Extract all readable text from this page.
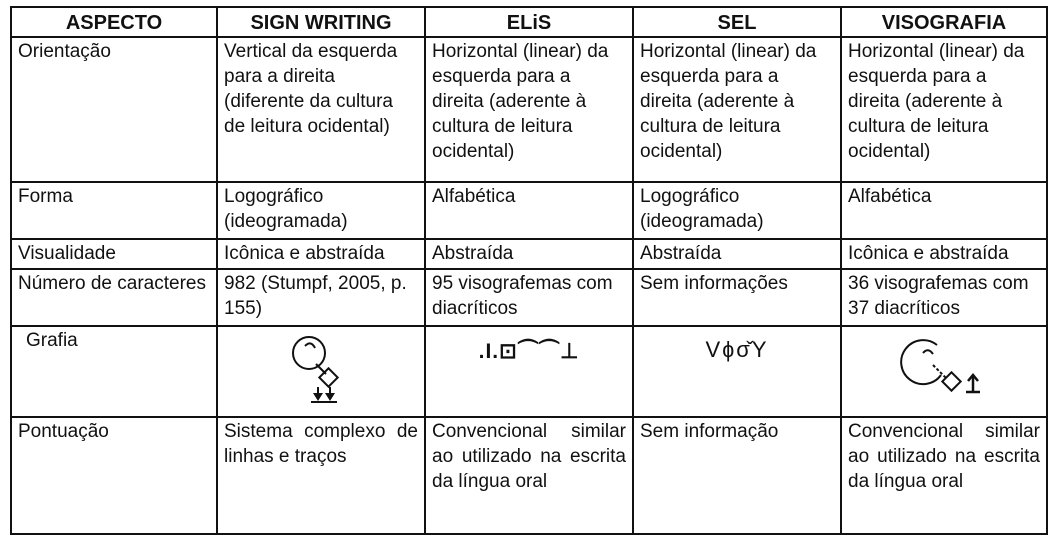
ASPECTO	SIGN WRITING	ELiS	SEL	VISOGRAFIA
Orientação	Vertical da esquerda para a direita (diferente da cultura de leitura ocidental)	Horizontal (linear) da esquerda para a direita (aderente à cultura de leitura ocidental)	Horizontal (linear) da esquerda para a direita (aderente à cultura de leitura ocidental)	Horizontal (linear) da esquerda para a direita (aderente à cultura de leitura ocidental)
Forma	Logográfico (ideogramada)	Alfabética	Logográfico (ideogramada)	Alfabética
Visualidade	Icônica e abstraída	Abstraída	Abstraída	Icônica e abstraída
Número de caracteres	982 (Stumpf, 2005, p. 155)	95 visografemas com diacríticos	Sem informações	36 visografemas com 37 diacríticos
Grafia		.I.⊡⏜⏜⊥	Vɸσ̌Y	
Pontuação	Sistema complexo de linhas e traços	Convencional similar ao utilizado na escrita da língua oral	Sem informação	Convencional similar ao utilizado na escrita da língua oral
